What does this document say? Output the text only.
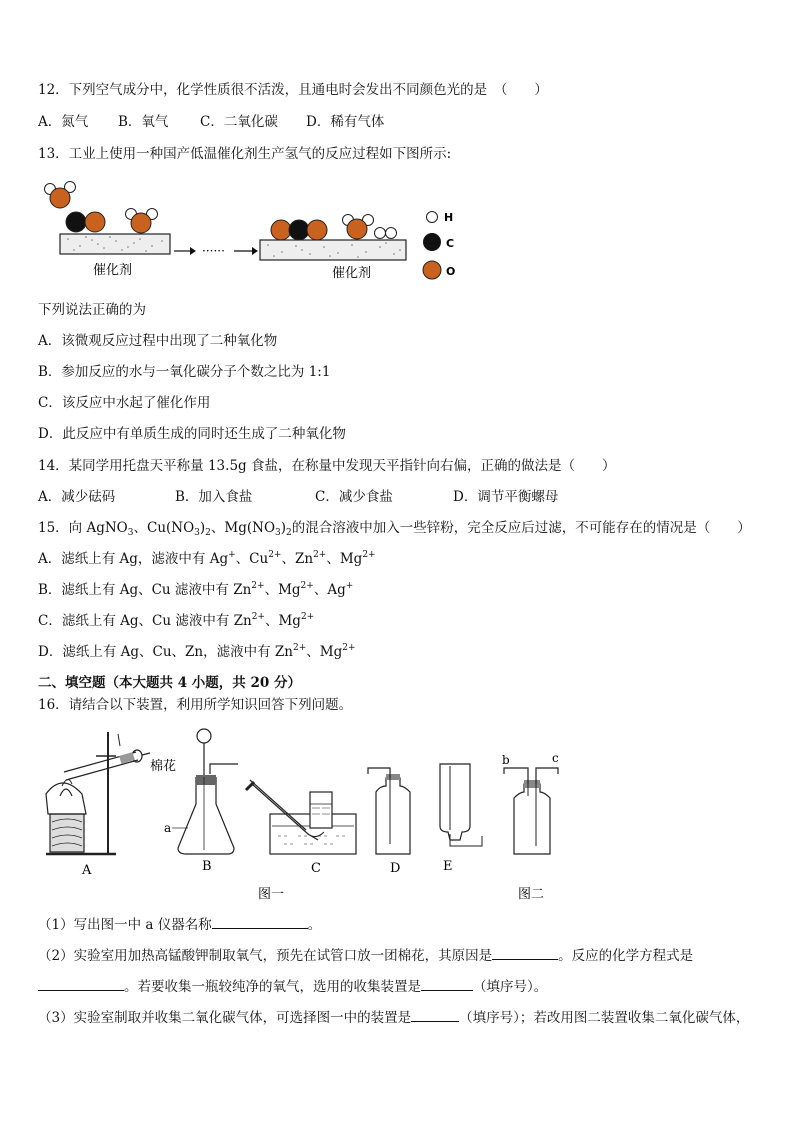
12．下列空气成分中，化学性质很不活泼，且通电时会发出不同颜色光的是　（　　）
A．氮气 B．氧气 C．二氧化碳 D．稀有气体
13．工业上使用一种国产低温催化剂生产氢气的反应过程如下图所示:
催化剂
······
催化剂
H
C
O
下列说法正确的为
A．该微观反应过程中出现了二种氧化物
B．参加反应的水与一氧化碳分子个数之比为 1:1
C．该反应中水起了催化作用
D．此反应中有单质生成的同时还生成了二种氧化物
14．某同学用托盘天平称量 13.5g 食盐，在称量中发现天平指针向右偏，正确的做法是（　　）
A．减少砝码	B．加入食盐	C．减少食盐	D．调节平衡螺母
15．向 AgNO$_3$、$Cu(NO_3)_2$、$Mg(NO_3)_2$的混合溶液中加入一些锌粉，完全反应后过滤，不可能存在的情况是（　　）
A．滤纸上有 Ag，滤液中有 Ag+、$Cu^{2+}$、$Zn^{2+}$、$Mg^{2+}$
B．滤纸上有 Ag、Cu 滤液中有 $Zn^{2+}$、$Mg^{2+}$、Ag+
C．滤纸上有 Ag、Cu 滤液中有 $Zn^{2+}$、$Mg^{2+}$
D．滤纸上有 Ag、Cu、Zn，滤液中有 $Zn^{2+}$、$Mg^{2+}$
二、填空题（本大题共 4 小题，共 20 分）
16．请结合以下装置，利用所学知识回答下列问题。
棉花
a
b	c
A	B	C	D	E
图一	图二
（1）写出图一中 a 仪器名称	。
（2）实验室用加热高锰酸钾制取氧气，预先在试管口放一团棉花，其原因是	。反应的化学方程式是
。若要收集一瓶较纯净的氧气，选用的收集装置是	（填序号）。
（3）实验室制取并收集二氧化碳气体，可选择图一中的装置是	（填序号）；若改用图二装置收集二氧化碳气体，
